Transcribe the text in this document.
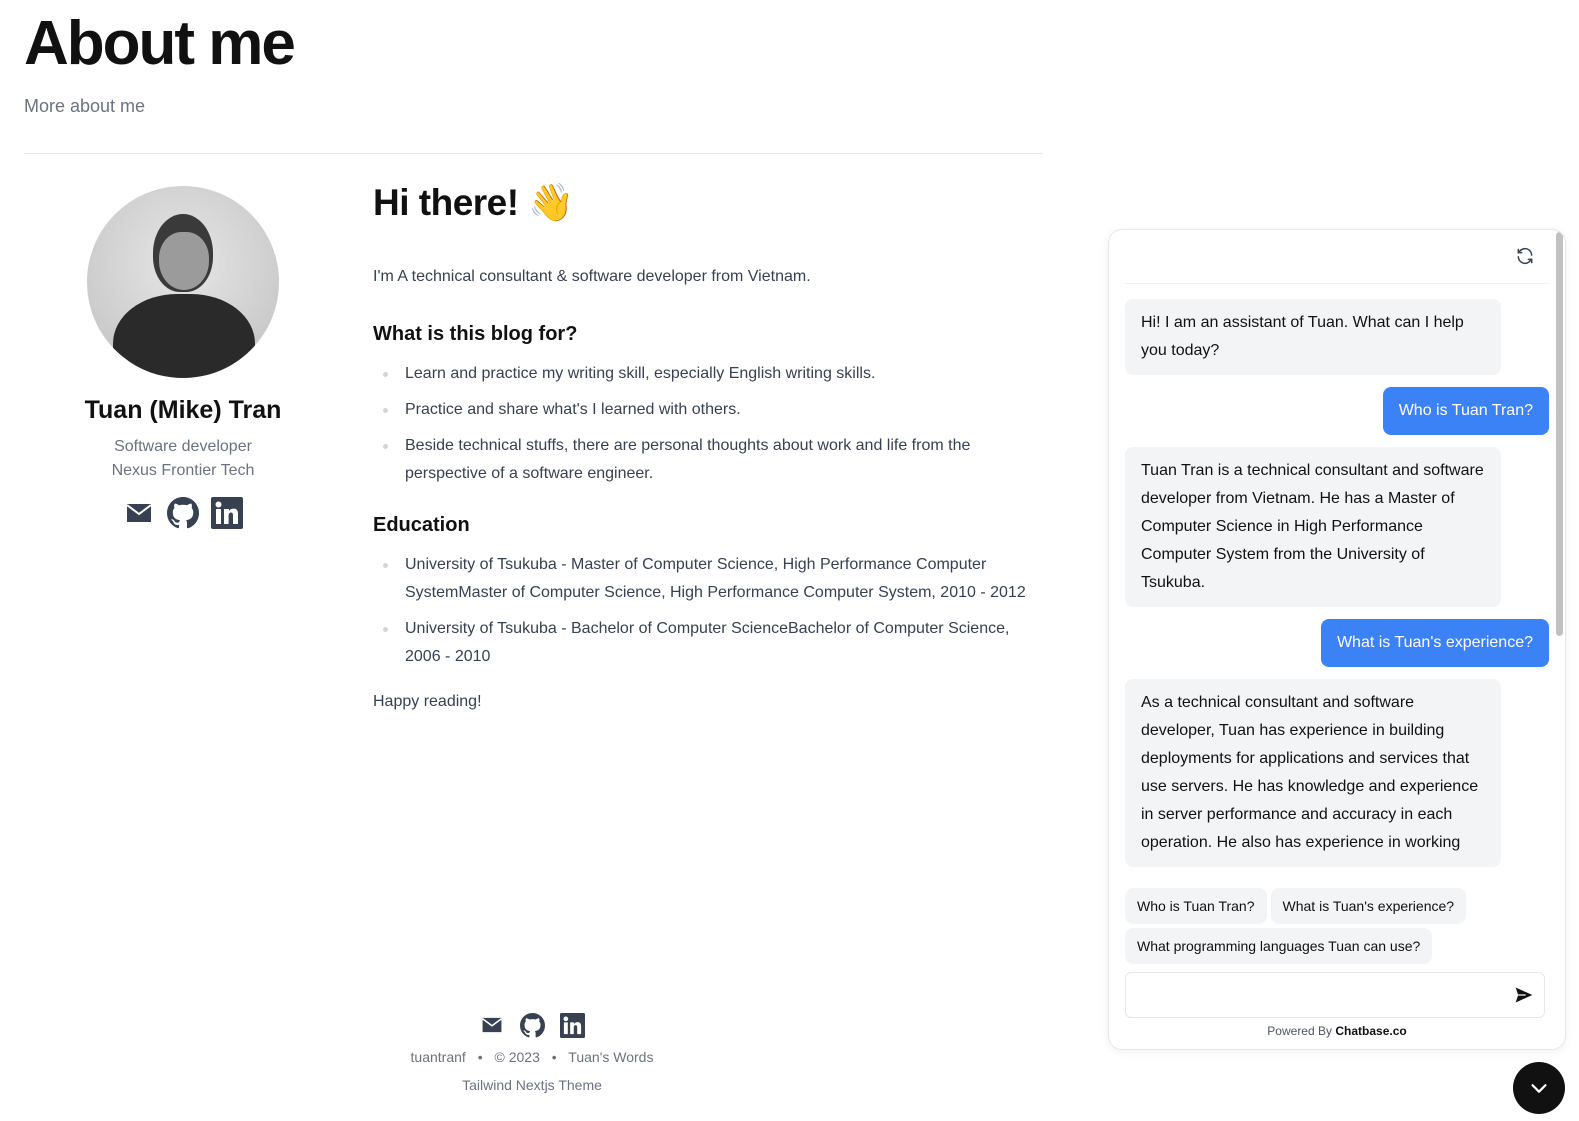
About me

More about me

Tuan (Mike) Tran
Software developer
Nexus Frontier Tech
Hi there! 👋

I'm A technical consultant & software developer from Vietnam.

What is this blog for?
Learn and practice my writing skill, especially English writing skills.
Practice and share what's I learned with others.
Beside technical stuffs, there are personal thoughts about work and life from the perspective of a software engineer.
Education
University of Tsukuba - Master of Computer Science, High Performance Computer SystemMaster of Computer Science, High Performance Computer System, 2010 - 2012
University of Tsukuba - Bachelor of Computer ScienceBachelor of Computer Science, 2006 - 2010

Happy reading!

tuantranf • © 2023 • Tuan's Words
Tailwind Nextjs Theme
Hi! I am an assistant of Tuan. What can I help you today?
Who is Tuan Tran?
Tuan Tran is a technical consultant and software developer from Vietnam. He has a Master of Computer Science in High Performance Computer System from the University of Tsukuba.
What is Tuan's experience?
As a technical consultant and software developer, Tuan has experience in building deployments for applications and services that use servers. He has knowledge and experience in server performance and accuracy in each operation. He also has experience in working
Who is Tuan Tran?	What is Tuan's experience?
What programming languages Tuan can use?
Powered By Chatbase.co
